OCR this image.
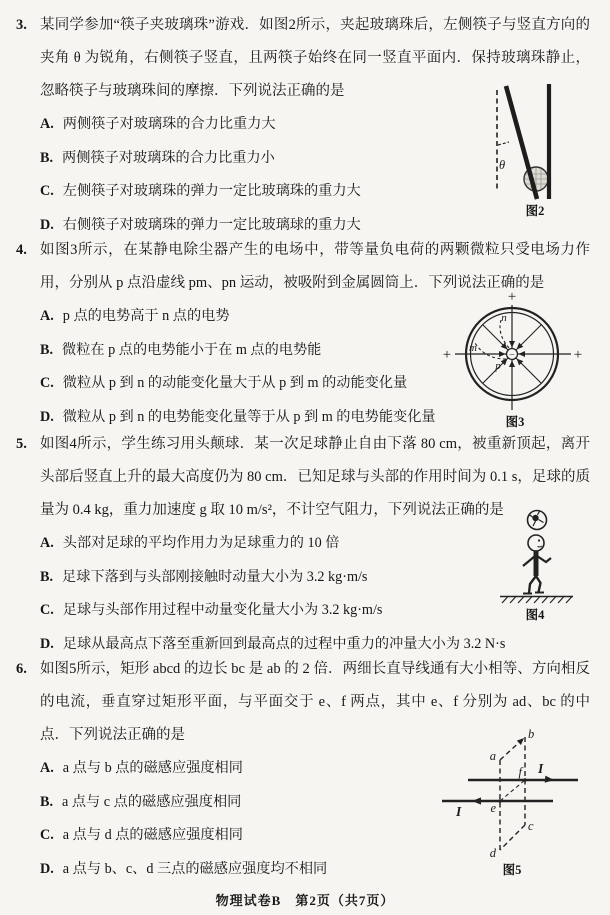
3. 某同学参加“筷子夹玻璃珠”游戏．如图2所示，夹起玻璃珠后，左侧筷子与竖直方向的夹角 θ 为锐角，右侧筷子竖直，且两筷子始终在同一竖直平面内．保持玻璃珠静止，忽略筷子与玻璃珠间的摩擦．下列说法正确的是
A. 两侧筷子对玻璃珠的合力比重力大
B. 两侧筷子对玻璃珠的合力比重力小
C. 左侧筷子对玻璃珠的弹力一定比玻璃珠的重力大
D. 右侧筷子对玻璃珠的弹力一定比玻璃球的重力大
θ
图2
4. 如图3所示，在某静电除尘器产生的电场中，带等量负电荷的两颗微粒只受电场力作用，分别从 p 点沿虚线 pm、pn 运动，被吸附到金属圆筒上．下列说法正确的是
A. p 点的电势高于 n 点的电势
B. 微粒在 p 点的电势能小于在 m 点的电势能
C. 微粒从 p 到 n 的动能变化量大于从 p 到 m 的动能变化量
D. 微粒从 p 到 n 的电势能变化量等于从 p 到 m 的电势能变化量
−
m
n
p
+
+	+
图3
5. 如图4所示，学生练习用头颠球．某一次足球静止自由下落 80 cm，被重新顶起，离开头部后竖直上升的最大高度仍为 80 cm．已知足球与头部的作用时间为 0.1 s，足球的质量为 0.4 kg，重力加速度 g 取 10 m/s²，不计空气阻力，下列说法正确的是
A. 头部对足球的平均作用力为足球重力的 10 倍
B. 足球下落到与头部刚接触时动量大小为 3.2 kg·m/s
C. 足球与头部作用过程中动量变化量大小为 3.2 kg·m/s
D. 足球从最高点下落至重新回到最高点的过程中重力的冲量大小为 3.2 N·s
图4
6. 如图5所示，矩形 abcd 的边长 bc 是 ab 的 2 倍．两细长直导线通有大小相等、方向相反的电流，垂直穿过矩形平面，与平面交于 e、f 两点，其中 e、f 分别为 ad、bc 的中点．下列说法正确的是
A. a 点与 b 点的磁感应强度相同
B. a 点与 c 点的磁感应强度相同
C. a 点与 d 点的磁感应强度相同
D. a 点与 b、c、d 三点的磁感应强度均不相同
a
b
c
d
e
f I
I
图5
物理试卷B　第2页（共7页）
